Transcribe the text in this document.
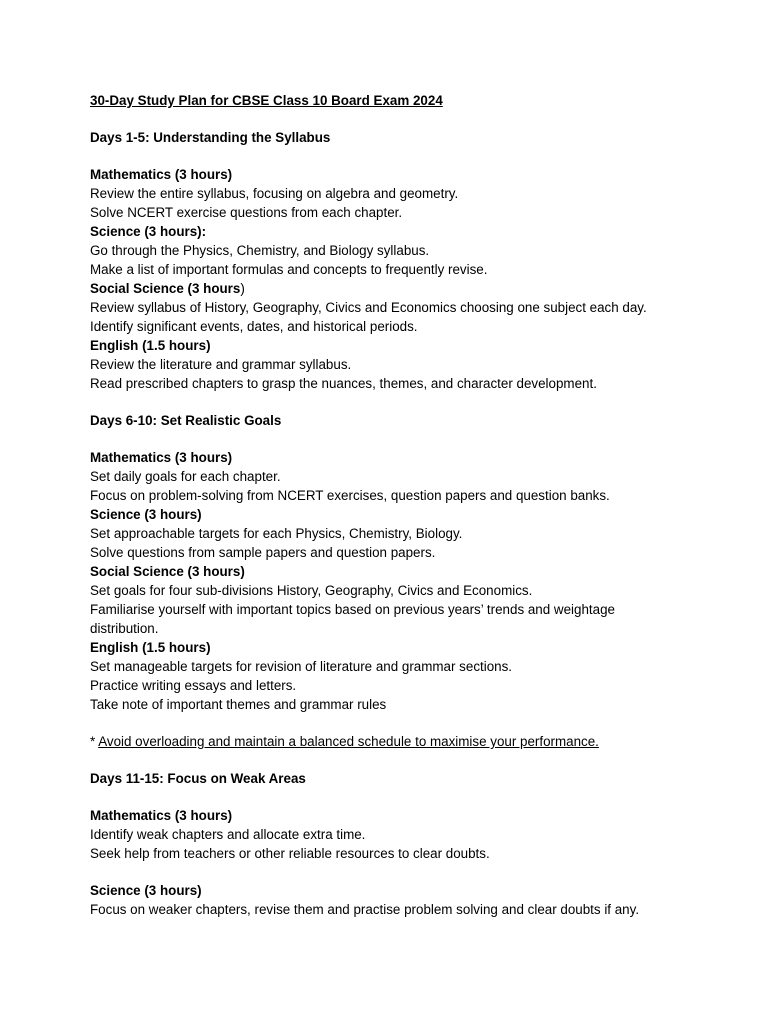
30-Day Study Plan for CBSE Class 10 Board Exam 2024

Days 1-5: Understanding the Syllabus

Mathematics (3 hours)

Review the entire syllabus, focusing on algebra and geometry.

Solve NCERT exercise questions from each chapter.

Science (3 hours):

Go through the Physics, Chemistry, and Biology syllabus.

Make a list of important formulas and concepts to frequently revise.

Social Science (3 hours)

Review syllabus of History, Geography, Civics and Economics choosing one subject each day.

Identify significant events, dates, and historical periods.

English (1.5 hours)

Review the literature and grammar syllabus.

Read prescribed chapters to grasp the nuances, themes, and character development.

Days 6-10: Set Realistic Goals

Mathematics (3 hours)

Set daily goals for each chapter.

Focus on problem-solving from NCERT exercises, question papers and question banks.

Science (3 hours)

Set approachable targets for each Physics, Chemistry, Biology.

Solve questions from sample papers and question papers.

Social Science (3 hours)

Set goals for four sub-divisions History, Geography, Civics and Economics.

Familiarise yourself with important topics based on previous years’ trends and weightage distribution.

English (1.5 hours)

Set manageable targets for revision of literature and grammar sections.

Practice writing essays and letters.

Take note of important themes and grammar rules

* Avoid overloading and maintain a balanced schedule to maximise your performance.

Days 11-15: Focus on Weak Areas

Mathematics (3 hours)

Identify weak chapters and allocate extra time.

Seek help from teachers or other reliable resources to clear doubts.

Science (3 hours)

Focus on weaker chapters, revise them and practise problem solving and clear doubts if any.
